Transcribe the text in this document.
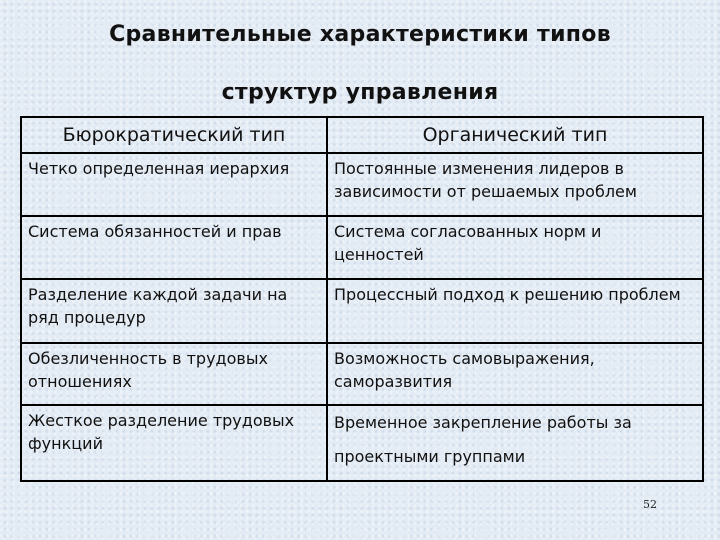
Сравнительные характеристики типов
структур управления
Бюрократический тип	Органический тип
Четко определенная иерархия	Постоянные изменения лидеров в зависимости от решаемых проблем
Система обязанностей и прав	Система согласованных норм и ценностей
Разделение каждой задачи на ряд процедур	Процессный подход к решению проблем
Обезличенность в трудовых отношениях	Возможность самовыражения, саморазвития
Жесткое разделение трудовых функций	Временное закрепление работы за проектными группами
52
